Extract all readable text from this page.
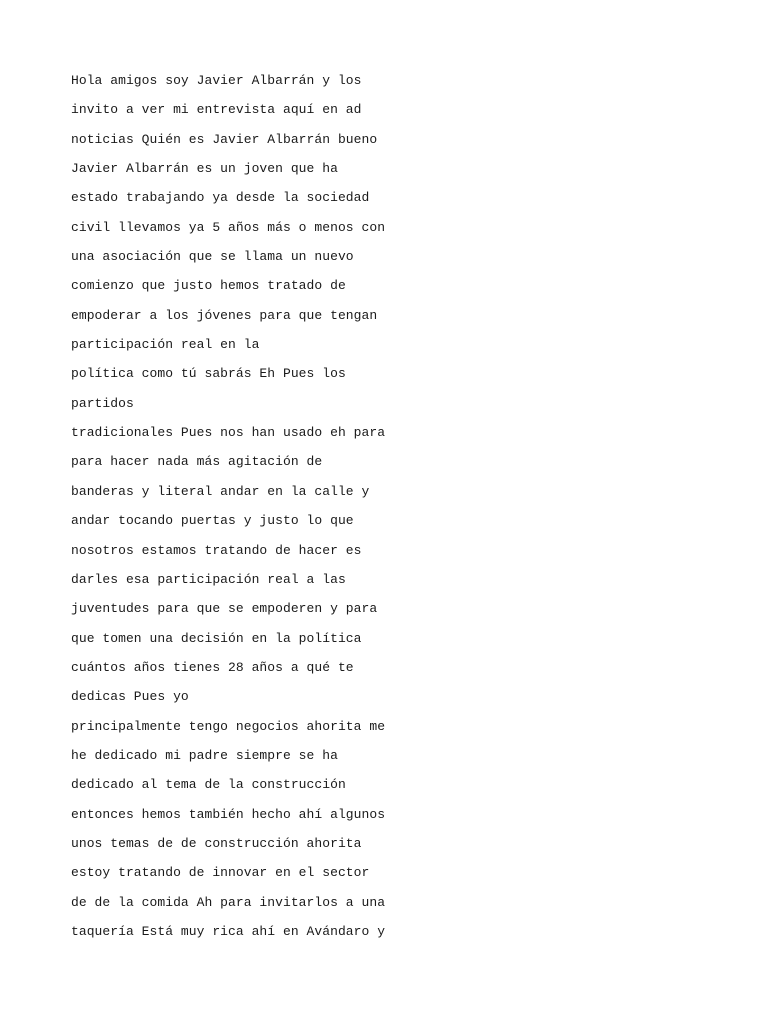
Hola amigos soy Javier Albarrán y los
invito a ver mi entrevista aquí en ad
noticias Quién es Javier Albarrán bueno
Javier Albarrán es un joven que ha
estado trabajando ya desde la sociedad
civil llevamos ya 5 años más o menos con
una asociación que se llama un nuevo
comienzo que justo hemos tratado de
empoderar a los jóvenes para que tengan
participación real en la
política como tú sabrás Eh Pues los
partidos
tradicionales Pues nos han usado eh para
para hacer nada más agitación de
banderas y literal andar en la calle y
andar tocando puertas y justo lo que
nosotros estamos tratando de hacer es
darles esa participación real a las
juventudes para que se empoderen y para
que tomen una decisión en la política
cuántos años tienes 28 años a qué te
dedicas Pues yo
principalmente tengo negocios ahorita me
he dedicado mi padre siempre se ha
dedicado al tema de la construcción
entonces hemos también hecho ahí algunos
unos temas de de construcción ahorita
estoy tratando de innovar en el sector
de de la comida Ah para invitarlos a una
taquería Está muy rica ahí en Avándaro y
